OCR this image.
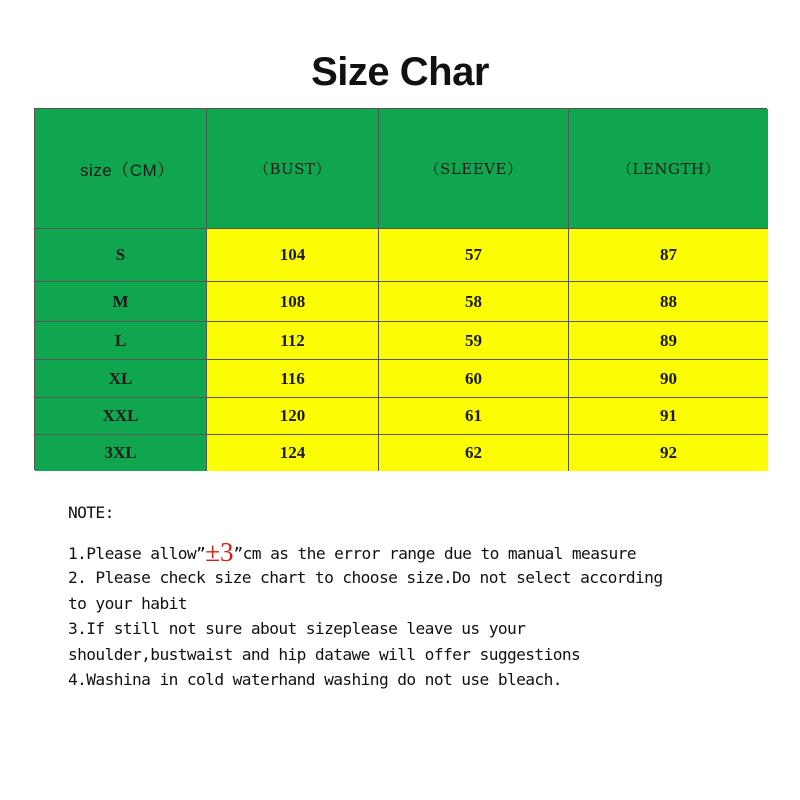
Size Char
size（CM）	（BUST）	（SLEEVE）	（LENGTH）
S	104	57	87
M	108	58	88
L	112	59	89
XL	116	60	90
XXL	120	61	91
3XL	124	62	92
NOTE:
1.Please allow”±3”cm as the error range due to manual measure
2. Please check size chart to choose size.Do not select according
to your habit
3.If still not sure about sizeplease leave us your
shoulder,bustwaist and hip datawe will offer suggestions
4.Washina in cold waterhand washing do not use bleach.
